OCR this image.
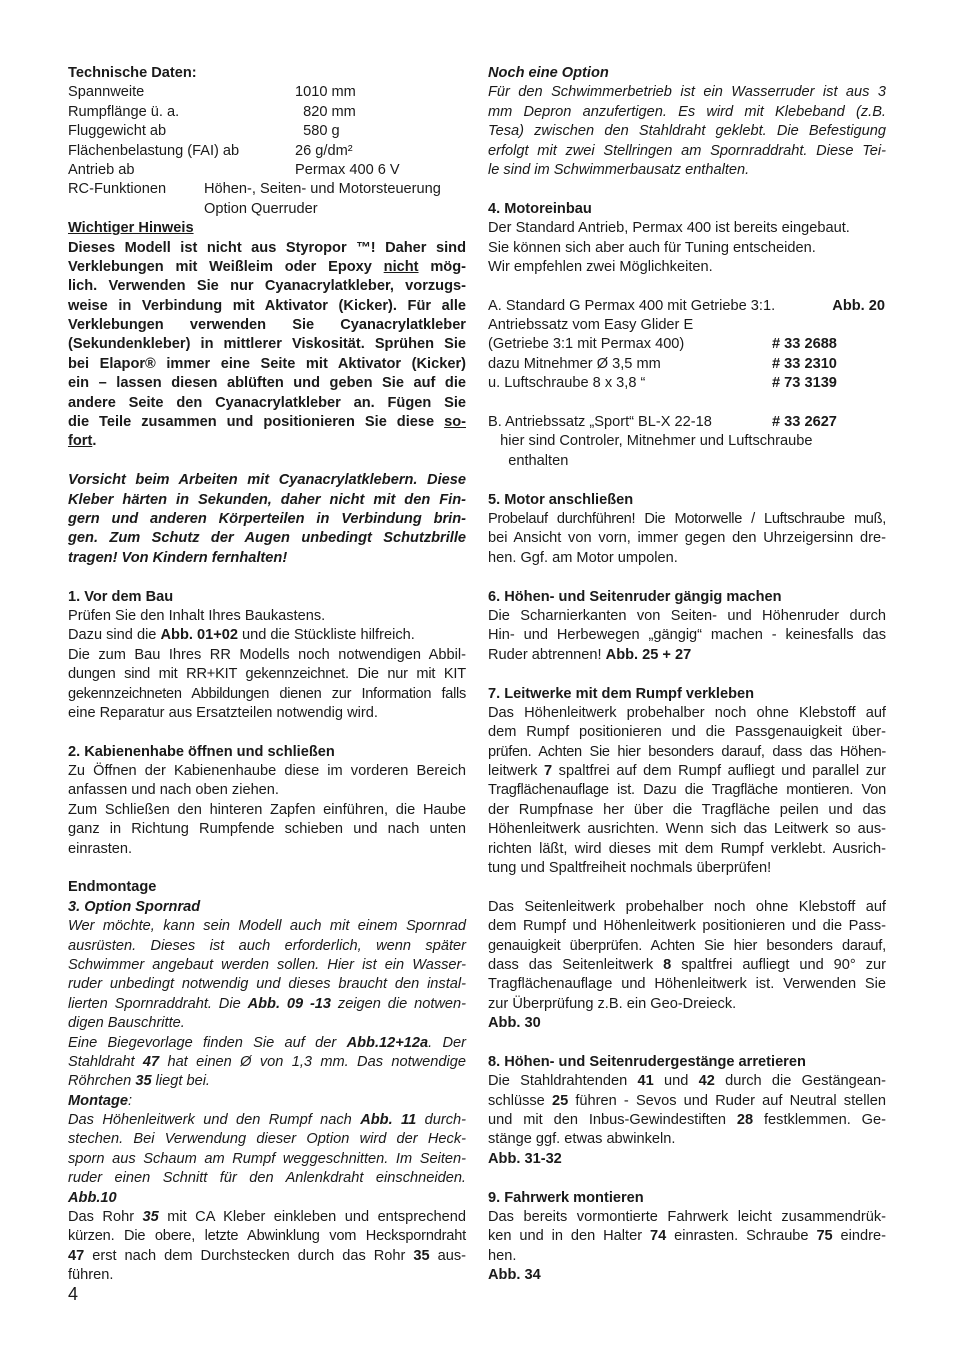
Technische Daten:
Spannweite	1010 mm
Rumpflänge ü. a.	820 mm
Fluggewicht ab	580 g
Flächenbelastung (FAI) ab	26 g/dm²
Antrieb ab	Permax 400 6 V
RC-Funktionen	Höhen-, Seiten- und Motorsteuerung
Option Querruder
Wichtiger Hinweis
Dieses Modell ist nicht aus Styropor ™! Daher sind
Verklebungen mit Weißleim oder Epoxy nicht mög-
lich. Verwenden Sie nur Cyanacrylatkleber, vorzugs-
weise in Verbindung mit Aktivator (Kicker). Für alle
Verklebungen verwenden Sie Cyanacrylatkleber
(Sekundenkleber) in mittlerer Viskosität. Sprühen Sie
bei Elapor® immer eine Seite mit Aktivator (Kicker)
ein – lassen diesen ablüften und geben Sie auf die
andere Seite den Cyanacrylatkleber an. Fügen Sie
die Teile zusammen und positionieren Sie diese so-
fort.
Vorsicht beim Arbeiten mit Cyanacrylatklebern. Diese
Kleber härten in Sekunden, daher nicht mit den Fin-
gern und anderen Körperteilen in Verbindung brin-
gen. Zum Schutz der Augen unbedingt Schutzbrille
tragen! Von Kindern fernhalten!
1. Vor dem Bau
Prüfen Sie den Inhalt Ihres Baukastens.
Dazu sind die Abb. 01+02 und die Stückliste hilfreich.
Die zum Bau Ihres RR Modells noch notwendigen Abbil-
dungen sind mit RR+KIT gekennzeichnet. Die nur mit KIT
gekennzeichneten Abbildungen dienen zur Information falls
eine Reparatur aus Ersatzteilen notwendig wird.
2. Kabienenhabe öffnen und schließen
Zu Öffnen der Kabienenhaube diese im vorderen Bereich
anfassen und nach oben ziehen.
Zum Schließen den hinteren Zapfen einführen, die Haube
ganz in Richtung Rumpfende schieben und nach unten
einrasten.
Endmontage
3. Option Spornrad
Wer möchte, kann sein Modell auch mit einem Spornrad
ausrüsten. Dieses ist auch erforderlich, wenn später
Schwimmer angebaut werden sollen. Hier ist ein Wasser-
ruder unbedingt notwendig und dieses braucht den instal-
lierten Spornraddraht. Die Abb. 09 -13 zeigen die notwen-
digen Bauschritte.
Eine Biegevorlage finden Sie auf der Abb.12+12a. Der
Stahldraht 47 hat einen Ø von 1,3 mm. Das notwendige
Röhrchen 35 liegt bei.
Montage:
Das Höhenleitwerk und den Rumpf nach Abb. 11 durch-
stechen. Bei Verwendung dieser Option wird der Heck-
sporn aus Schaum am Rumpf weggeschnitten. Im Seiten-
ruder einen Schnitt für den Anlenkdraht einschneiden.
Abb.10
Das Rohr 35 mit CA Kleber einkleben und entsprechend
kürzen. Die obere, letzte Abwinklung vom Hecksporndraht
47 erst nach dem Durchstecken durch das Rohr 35 aus-
führen.
Noch eine Option
Für den Schwimmerbetrieb ist ein Wasserruder ist aus 3
mm Depron anzufertigen. Es wird mit Klebeband (z.B.
Tesa) zwischen den Stahldraht geklebt. Die Befestigung
erfolgt mit zwei Stellringen am Spornraddraht. Diese Tei-
le sind im Schwimmerbausatz enthalten.
4. Motoreinbau
Der Standard Antrieb, Permax 400 ist bereits eingebaut.
Sie können sich aber auch für Tuning entscheiden.
Wir empfehlen zwei Möglichkeiten.
A. Standard G Permax 400 mit Getriebe 3:1.	Abb. 20
Antriebssatz vom Easy Glider E
(Getriebe 3:1 mit Permax 400)	# 33 2688
dazu Mitnehmer Ø 3,5 mm	# 33 2310
u. Luftschraube 8 x 3,8 “	# 73 3139
B. Antriebssatz „Sport“ BL-X 22-18	# 33 2627
hier sind Controler, Mitnehmer und Luftschraube
enthalten
5. Motor anschließen
Probelauf durchführen! Die Motorwelle / Luftschraube muß,
bei Ansicht von vorn, immer gegen den Uhrzeigersinn dre-
hen. Ggf. am Motor umpolen.
6. Höhen- und Seitenruder gängig machen
Die Scharnierkanten von Seiten- und Höhenruder durch
Hin- und Herbewegen „gängig“ machen - keinesfalls das
Ruder abtrennen! Abb. 25 + 27
7. Leitwerke mit dem Rumpf verkleben
Das Höhenleitwerk probehalber noch ohne Klebstoff auf
dem Rumpf positionieren und die Passgenauigkeit über-
prüfen. Achten Sie hier besonders darauf, dass das Höhen-
leitwerk 7 spaltfrei auf dem Rumpf aufliegt und parallel zur
Tragflächenauflage ist. Dazu die Tragfläche montieren. Von
der Rumpfnase her über die Tragfläche peilen und das
Höhenleitwerk ausrichten. Wenn sich das Leitwerk so aus-
richten läßt, wird dieses mit dem Rumpf verklebt. Ausrich-
tung und Spaltfreiheit nochmals überprüfen!
Das Seitenleitwerk probehalber noch ohne Klebstoff auf
dem Rumpf und Höhenleitwerk positionieren und die Pass-
genauigkeit überprüfen. Achten Sie hier besonders darauf,
dass das Seitenleitwerk 8 spaltfrei aufliegt und 90° zur
Tragflächenauflage und Höhenleitwerk ist. Verwenden Sie
zur Überprüfung z.B. ein Geo-Dreieck.
Abb. 30
8. Höhen- und Seitenrudergestänge arretieren
Die Stahldrahtenden 41 und 42 durch die Gestängean-
schlüsse 25 führen - Sevos und Ruder auf Neutral stellen
und mit den Inbus-Gewindestiften 28 festklemmen. Ge-
stänge ggf. etwas abwinkeln.
Abb. 31-32
9. Fahrwerk montieren
Das bereits vormontierte Fahrwerk leicht zusammendrük-
ken und in den Halter 74 einrasten. Schraube 75 eindre-
hen.
Abb. 34
4
